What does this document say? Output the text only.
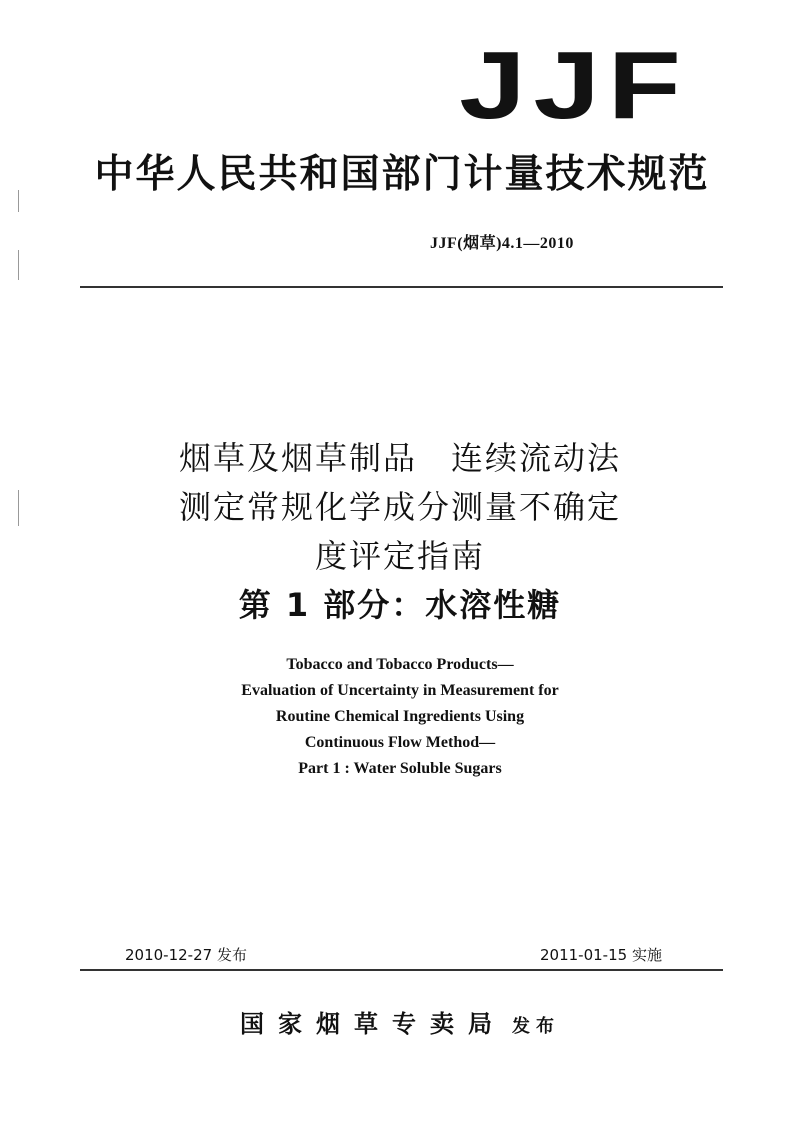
JJF
中华人民共和国部门计量技术规范
JJF(烟草)4.1—2010
烟草及烟草制品　连续流动法
测定常规化学成分测量不确定
度评定指南
第 1 部分：水溶性糖
Tobacco and Tobacco Products—
Evaluation of Uncertainty in Measurement for
Routine Chemical Ingredients Using
Continuous Flow Method—
Part 1 : Water Soluble Sugars
2010-12-27 发布	2011-01-15 实施
国家烟草专卖局 发布
